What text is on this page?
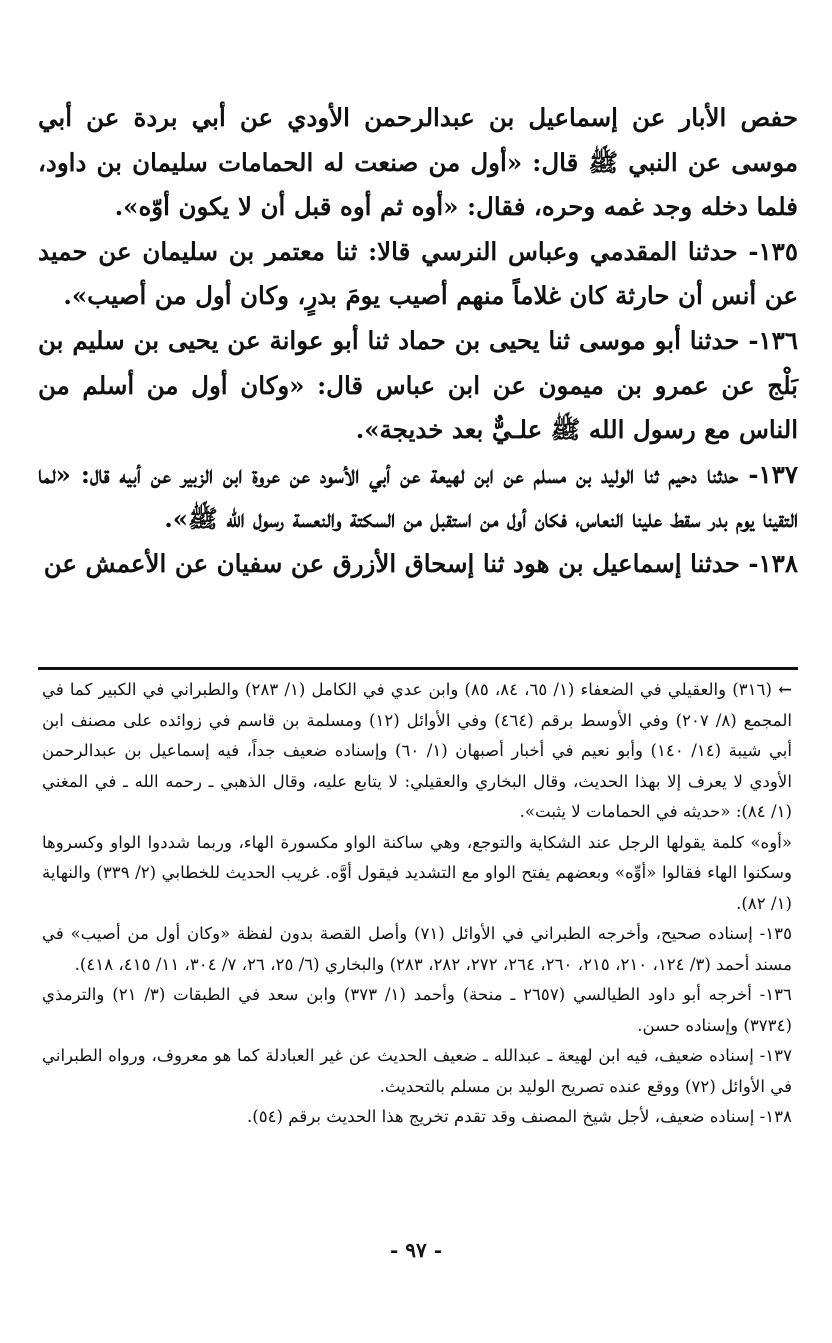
حفص الأبار عن إسماعيل بن عبدالرحمن الأودي عن أبي بردة عن أبي موسى عن النبي ﷺ قال: «أول من صنعت له الحمامات سليمان بن داود، فلما دخله وجد غمه وحره، فقال: «أوه ثم أوه قبل أن لا يكون أوّه».

١٣٥- حدثنا المقدمي وعباس النرسي قالا: ثنا معتمر بن سليمان عن حميد عن أنس أن حارثة كان غلاماً منهم أصيب يومَ بدرٍ، وكان أول من أصيب».

١٣٦- حدثنا أبو موسى ثنا يحيى بن حماد ثنا أبو عوانة عن يحيى بن سليم بن بَلْج عن عمرو بن ميمون عن ابن عباس قال: «وكان أول من أسلم من الناس مع رسول الله ﷺ علـيٌّ بعد خديجة».

١٣٧- حدثنا دحيم ثنا الوليد بن مسلم عن ابن لهيعة عن أبي الأسود عن عروة ابن الزبير عن أبيه قال: «لما التقينا يوم بدر سقط علينا النعاس، فكان أول من استقبل من السكتة والنعسة رسول الله ﷺ».

١٣٨- حدثنا إسماعيل بن هود ثنا إسحاق الأزرق عن سفيان عن الأعمش عن

← (٣١٦) والعقيلي في الضعفاء (١/ ٦٥، ٨٤، ٨٥) وابن عدي في الكامل (١/ ٢٨٣) والطبراني في الكبير كما في المجمع (٨/ ٢٠٧) وفي الأوسط برقم (٤٦٤) وفي الأوائل (١٢) ومسلمة بن قاسم في زوائده على مصنف ابن أبي شيبة (١٤/ ١٤٠) وأبو نعيم في أخبار أصبهان (١/ ٦٠) وإسناده ضعيف جداً، فيه إسماعيل بن عبدالرحمن الأودي لا يعرف إلا بهذا الحديث، وقال البخاري والعقيلي: لا يتابع عليه، وقال الذهبي ـ رحمه الله ـ في المغني (١/ ٨٤): «حديثه في الحمامات لا يثبت».

«أوه» كلمة يقولها الرجل عند الشكاية والتوجع، وهي ساكنة الواو مكسورة الهاء، وربما شددوا الواو وكسروها وسكنوا الهاء فقالوا «أوِّه» وبعضهم يفتح الواو مع التشديد فيقول أوَّه. غريب الحديث للخطابي (٢/ ٣٣٩) والنهاية (١/ ٨٢).

١٣٥- إسناده صحيح، وأخرجه الطبراني في الأوائل (٧١) وأصل القصة بدون لفظة «وكان أول من أصيب» في مسند أحمد (٣/ ١٢٤، ٢١٠، ٢١٥، ٢٦٠، ٢٦٤، ٢٧٢، ٢٨٢، ٢٨٣) والبخاري (٦/ ٢٥، ٢٦، ٧/ ٣٠٤، ١١/ ٤١٥، ٤١٨).

١٣٦- أخرجه أبو داود الطيالسي (٢٦٥٧ ـ منحة) وأحمد (١/ ٣٧٣) وابن سعد في الطبقات (٣/ ٢١) والترمذي (٣٧٣٤) وإسناده حسن.

١٣٧- إسناده ضعيف، فيه ابن لهيعة ـ عبدالله ـ ضعيف الحديث عن غير العبادلة كما هو معروف، ورواه الطبراني في الأوائل (٧٢) ووقع عنده تصريح الوليد بن مسلم بالتحديث.

١٣٨- إسناده ضعيف، لأجل شيخ المصنف وقد تقدم تخريج هذا الحديث برقم (٥٤).

- ٩٧ -
